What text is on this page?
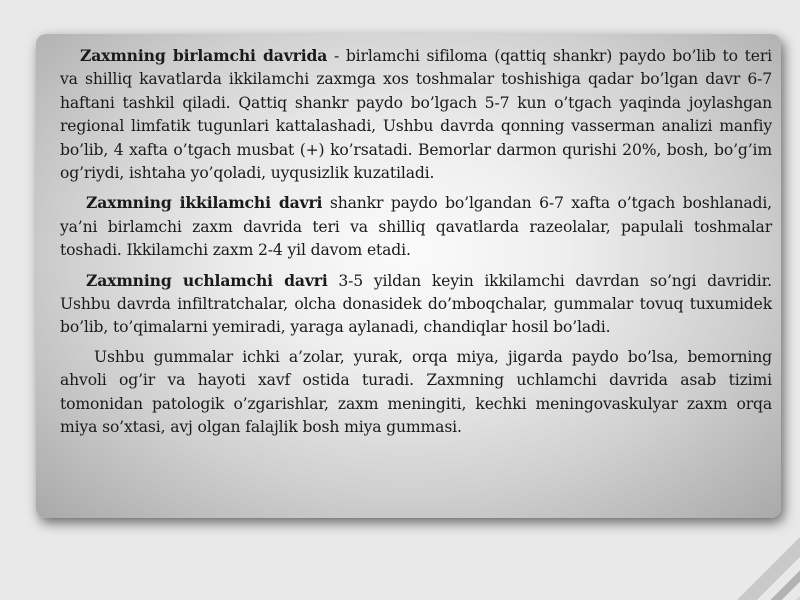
Zaxmning birlamchi davrida - birlamchi sifiloma (qattiq shankr) paydo bo’lib to teri va shilliq kavatlarda ikkilamchi zaxmga xos toshmalar toshishiga qadar bo’lgan davr 6-7 haftani tashkil qiladi. Qattiq shankr paydo bo’lgach 5-7 kun o’tgach yaqinda joylashgan regional limfatik tugunlari kattalashadi, Ushbu davrda qonning vasserman analizi manfiy bo’lib, 4 xafta o’tgach musbat (+) ko’rsatadi. Bemorlar darmon qurishi 20%, bosh, bo’g’im og’riydi, ishtaha yo’qoladi, uyqusizlik kuzatiladi.

Zaxmning ikkilamchi davri shankr paydo bo’lgandan 6-7 xafta o’tgach boshlanadi, ya’ni birlamchi zaxm davrida teri va shilliq qavatlarda razeolalar, papulali toshmalar toshadi. Ikkilamchi zaxm 2-4 yil davom etadi.

Zaxmning uchlamchi davri 3-5 yildan keyin ikkilamchi davrdan so’ngi davridir. Ushbu davrda infiltratchalar, olcha donasidek do’mboqchalar, gummalar tovuq tuxumidek bo’lib, to’qimalarni yemiradi, yaraga aylanadi, chandiqlar hosil bo’ladi.

Ushbu gummalar ichki a’zolar, yurak, orqa miya, jigarda paydo bo’lsa, bemorning ahvoli og’ir va hayoti xavf ostida turadi. Zaxmning uchlamchi davrida asab tizimi tomonidan patologik o’zgarishlar, zaxm meningiti, kechki meningovaskulyar zaxm orqa miya so’xtasi, avj olgan falajlik bosh miya gummasi.
